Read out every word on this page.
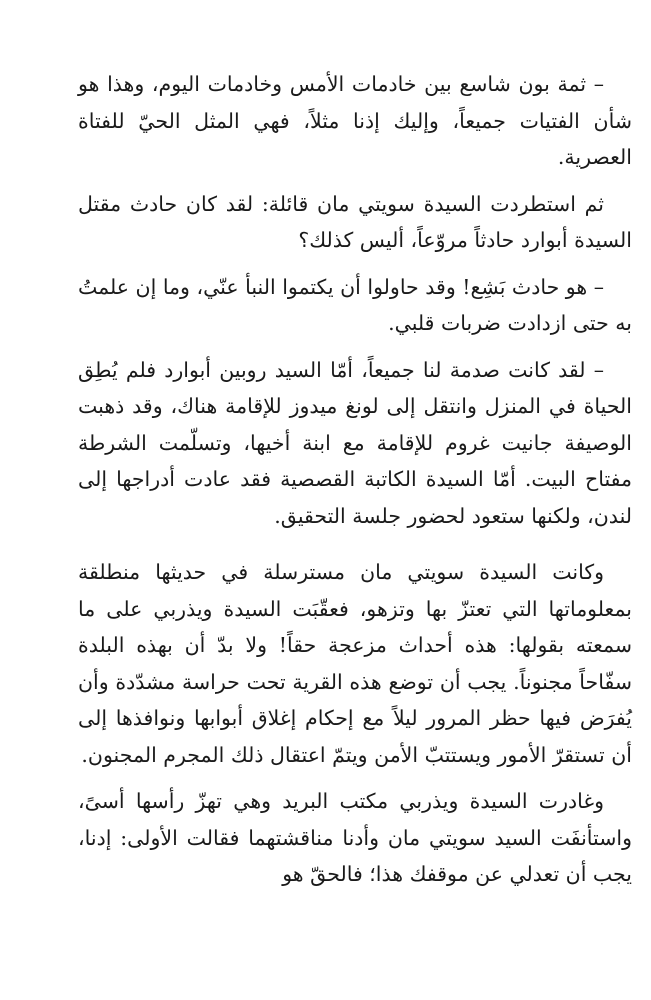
– ثمة بون شاسع بين خادمات الأمس وخادمات اليوم، وهذا هو شأن الفتيات جميعاً، وإليك إذنا مثلاً، فهي المثل الحيّ للفتاة العصرية.

ثم استطردت السيدة سويتي مان قائلة: لقد كان حادث مقتل السيدة أبوارد حادثاً مروّعاً، أليس كذلك؟

– هو حادث بَشِع! وقد حاولوا أن يكتموا النبأ عنّي، وما إن علمتُ به حتى ازدادت ضربات قلبي.

– لقد كانت صدمة لنا جميعاً، أمّا السيد روبين أبوارد فلم يُطِق الحياة في المنزل وانتقل إلى لونغ ميدوز للإقامة هناك، وقد ذهبت الوصيفة جانيت غروم للإقامة مع ابنة أخيها، وتسلّمت الشرطة مفتاح البيت. أمّا السيدة الكاتبة القصصية فقد عادت أدراجها إلى لندن، ولكنها ستعود لحضور جلسة التحقيق.

وكانت السيدة سويتي مان مسترسلة في حديثها منطلقة بمعلوماتها التي تعتزّ بها وتزهو، فعقّبَت السيدة ويذربي على ما سمعته بقولها: هذه أحداث مزعجة حقاً! ولا بدّ أن بهذه البلدة سفّاحاً مجنوناً. يجب أن توضع هذه القرية تحت حراسة مشدّدة وأن يُفرَض فيها حظر المرور ليلاً مع إحكام إغلاق أبوابها ونوافذها إلى أن تستقرّ الأمور ويستتبّ الأمن ويتمّ اعتقال ذلك المجرم المجنون.

وغادرت السيدة ويذربي مكتب البريد وهي تهزّ رأسها أسىً، واستأنفَت السيد سويتي مان وأدنا مناقشتهما فقالت الأولى: إدنا، يجب أن تعدلي عن موقفك هذا؛ فالحقّ هو
